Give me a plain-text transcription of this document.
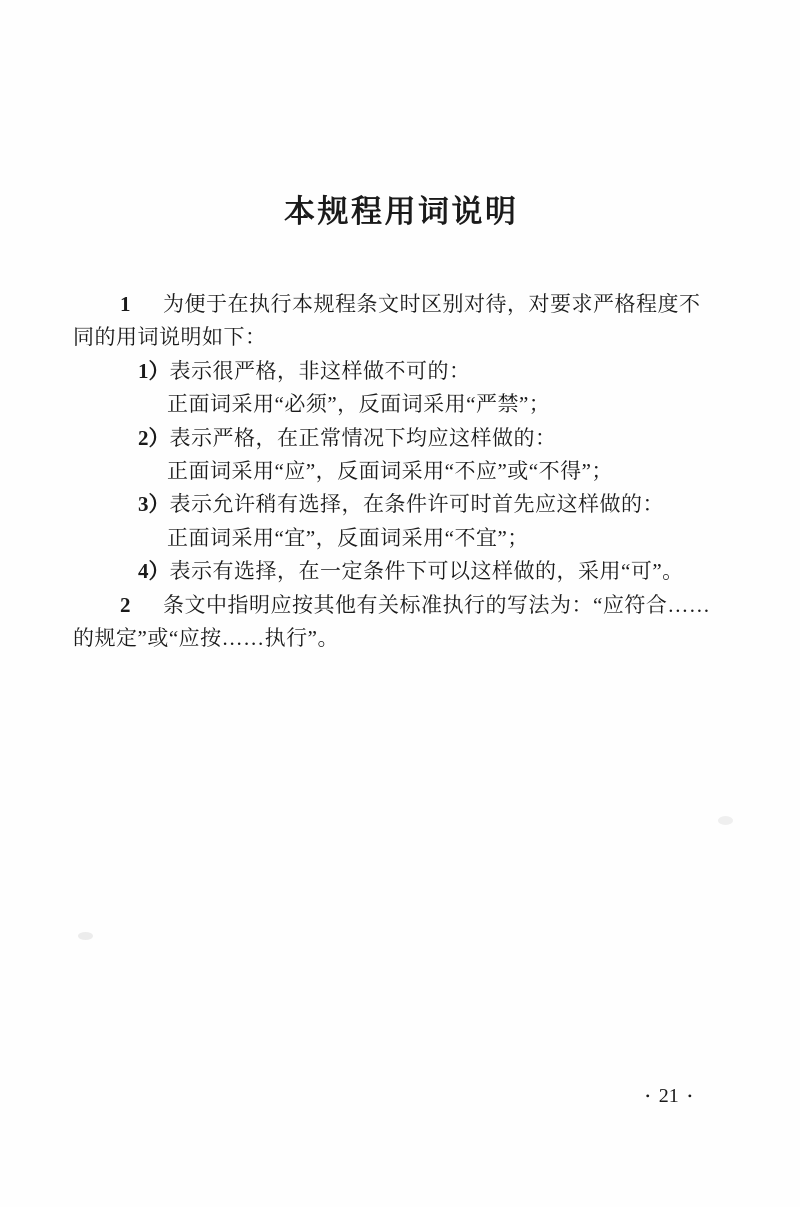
本规程用词说明
1 为便于在执行本规程条文时区别对待，对要求严格程度不
同的用词说明如下：
1） 表示很严格，非这样做不可的：
正面词采用“必须”，反面词采用“严禁”；
2） 表示严格，在正常情况下均应这样做的：
正面词采用“应”，反面词采用“不应”或“不得”；
3） 表示允许稍有选择，在条件许可时首先应这样做的：
正面词采用“宜”，反面词采用“不宜”；
4） 表示有选择，在一定条件下可以这样做的，采用“可”。
2 条文中指明应按其他有关标准执行的写法为：“应符合……
的规定”或“应按……执行”。
• 21 •
